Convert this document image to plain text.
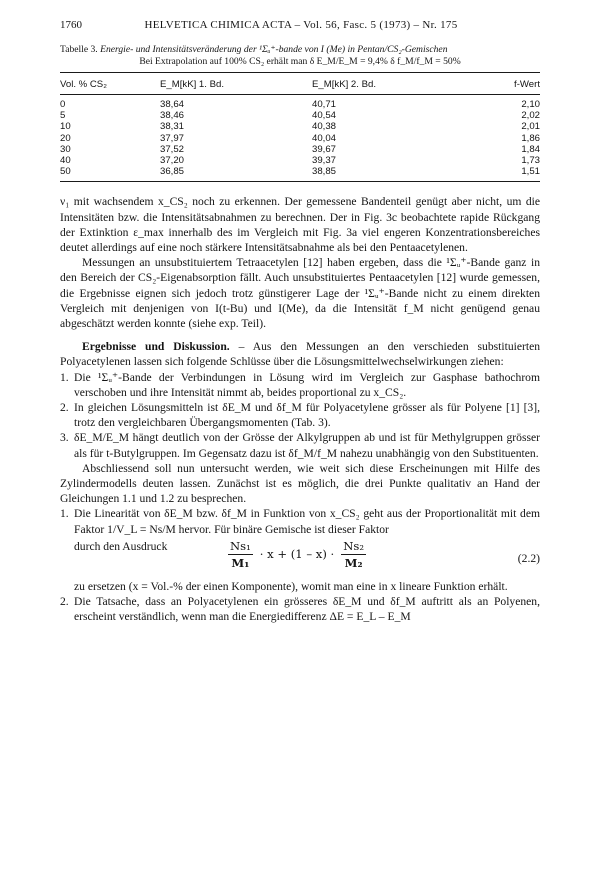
1760	HELVETICA CHIMICA ACTA – Vol. 56, Fasc. 5 (1973) – Nr. 175
Tabelle 3. Energie- und Intensitätsveränderung der ¹Σᵤ⁺-bande von I (Me) in Pentan/CS₂-Gemischen
Bei Extrapolation auf 100% CS₂ erhält man δ E_M/E_M = 9,4% δ f_M/f_M = 50%
Vol. % CS₂	E_M[kK] 1. Bd.	E_M[kK] 2. Bd.	f-Wert
0	38,64	40,71	2,10
5	38,46	40,54	2,02
10	38,31	40,38	2,01
20	37,97	40,04	1,86
30	37,52	39,67	1,84
40	37,20	39,37	1,73
50	36,85	38,85	1,51

ν₁ mit wachsendem x_CS₂ noch zu erkennen. Der gemessene Bandenteil genügt aber nicht, um die Intensitäten bzw. die Intensitätsabnahmen zu berechnen. Der in Fig. 3c beobachtete rapide Rückgang der Extinktion ε_max innerhalb des im Vergleich mit Fig. 3a viel engeren Konzentrationsbereiches deutet allerdings auf eine noch stärkere Intensitätsabnahme als bei den Pentaacetylenen.

Messungen an unsubstituiertem Tetraacetylen [12] haben ergeben, dass die ¹Σᵤ⁺-Bande ganz in den Bereich der CS₂-Eigenabsorption fällt. Auch unsubstituiertes Pentaacetylen [12] wurde gemessen, die Ergebnisse eignen sich jedoch trotz günstigerer Lage der ¹Σᵤ⁺-Bande nicht zu einem direkten Vergleich mit denjenigen von I(t-Bu) und I(Me), da die Intensität f_M nicht genügend genau abgeschätzt werden konnte (siehe exp. Teil).

Ergebnisse und Diskussion. – Aus den Messungen an den verschieden substituierten Polyacetylenen lassen sich folgende Schlüsse über die Lösungsmittelwechselwirkungen ziehen:

1. Die ¹Σᵤ⁺-Bande der Verbindungen in Lösung wird im Vergleich zur Gasphase bathochrom verschoben und ihre Intensität nimmt ab, beides proportional zu x_CS₂.

2. In gleichen Lösungsmitteln ist δE_M und δf_M für Polyacetylene grösser als für Polyene [1] [3], trotz den vergleichbaren Übergangsmomenten (Tab. 3).

3. δE_M/E_M hängt deutlich von der Grösse der Alkylgruppen ab und ist für Methylgruppen grösser als für t-Butylgruppen. Im Gegensatz dazu ist δf_M/f_M nahezu unabhängig von den Substituenten.

Abschliessend soll nun untersucht werden, wie weit sich diese Erscheinungen mit Hilfe des Zylindermodells deuten lassen. Zunächst ist es möglich, die drei Punkte qualitativ an Hand der Gleichungen 1.1 und 1.2 zu besprechen.

1. Die Linearität von δE_M bzw. δf_M in Funktion von x_CS₂ geht aus der Proportionalität mit dem Faktor 1/V_L = Ns/M hervor. Für binäre Gemische ist dieser Faktor

durch den Ausdruck	$\frac{\text{Ns₁}}{\text{M₁}} \cdot x + (1 - x) \cdot \frac{\text{Ns₂}}{\text{M₂}}$	(2.2)

zu ersetzen (x = Vol.-% der einen Komponente), womit man eine in x lineare Funktion erhält.

2. Die Tatsache, dass an Polyacetylenen ein grösseres δE_M und δf_M auftritt als an Polyenen, erscheint verständlich, wenn man die Energiedifferenz ΔE = E_L – E_M
